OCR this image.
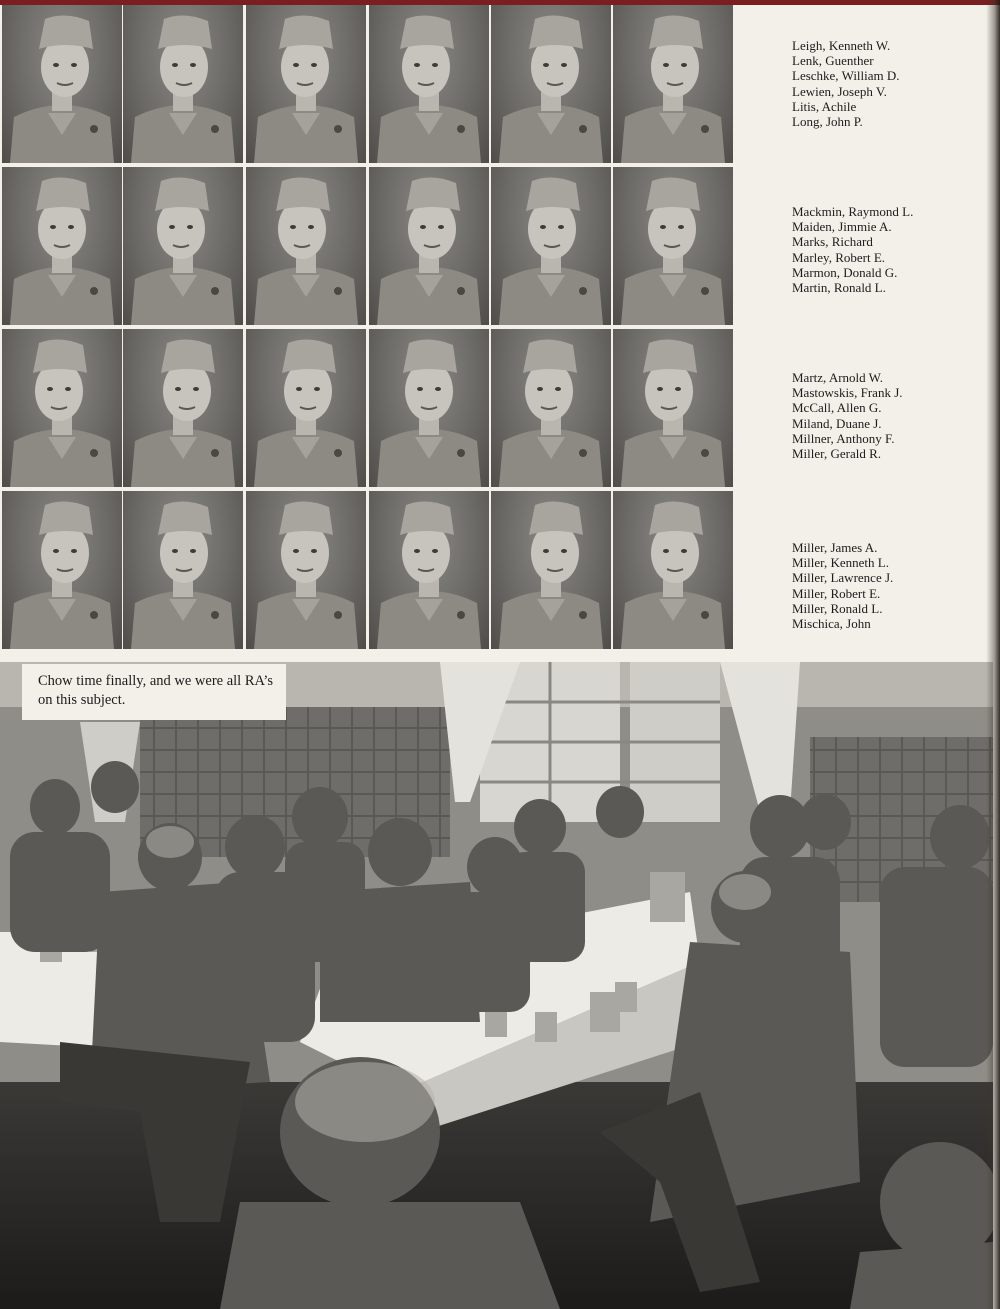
Leigh, Kenneth W.
Lenk, Guenther
Leschke, William D.
Lewien, Joseph V.
Litis, Achile
Long, John P.
Mackmin, Raymond L.
Maiden, Jimmie A.
Marks, Richard
Marley, Robert E.
Marmon, Donald G.
Martin, Ronald L.
Martz, Arnold W.
Mastowskis, Frank J.
McCall, Allen G.
Miland, Duane J.
Millner, Anthony F.
Miller, Gerald R.
Miller, James A.
Miller, Kenneth L.
Miller, Lawrence J.
Miller, Robert E.
Miller, Ronald L.
Mischica, John
Chow time finally, and we were all RA’s on this subject.
